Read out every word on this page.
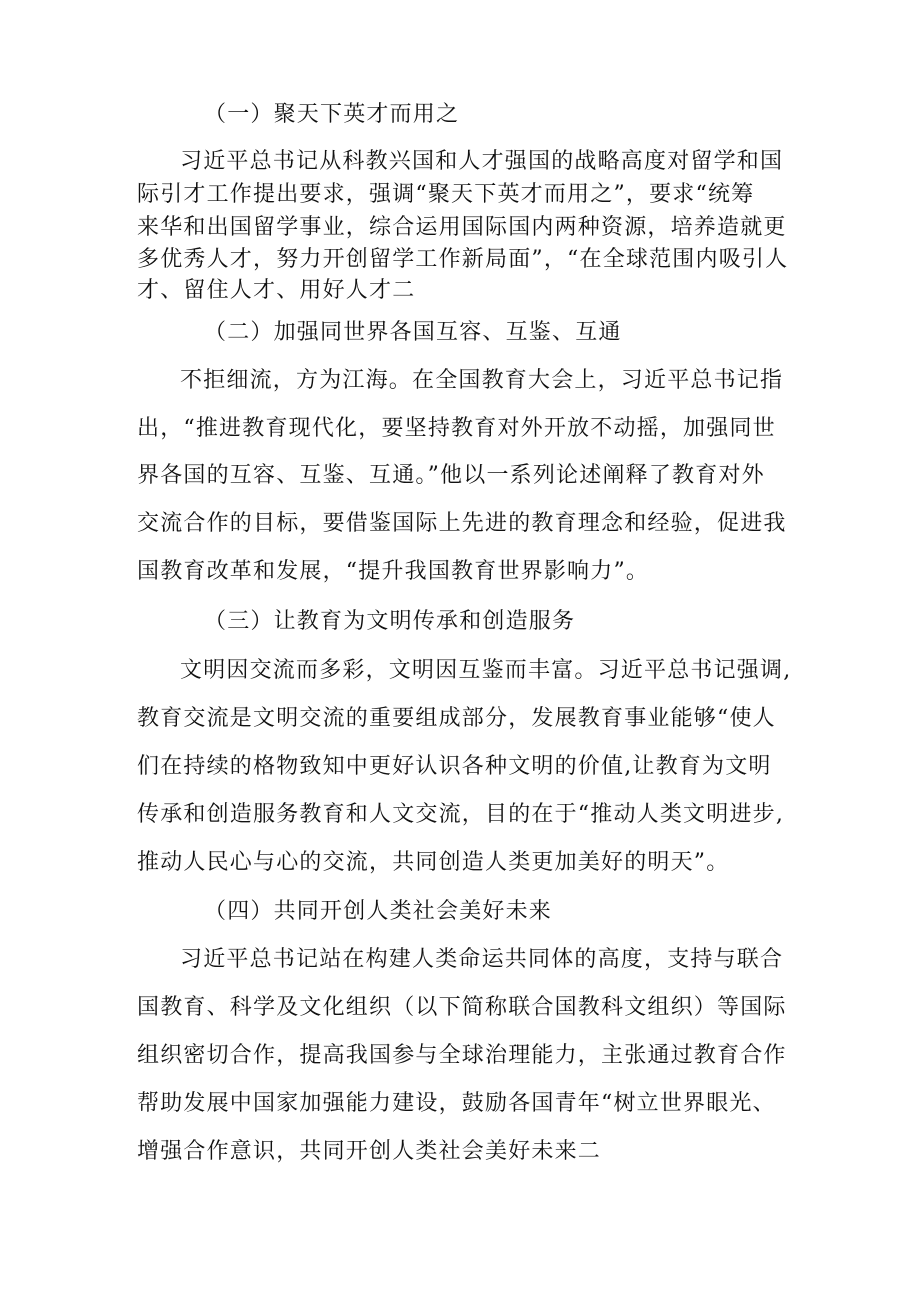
（一）聚天下英才而用之
习近平总书记从科教兴国和人才强国的战略高度对留学和国
际引才工作提出要求，强调“聚天下英才而用之”，要求“统筹
来华和出国留学事业，综合运用国际国内两种资源，培养造就更
多优秀人才，努力开创留学工作新局面”，“在全球范围内吸引人
才、留住人才、用好人才二
（二）加强同世界各国互容、互鉴、互通
不拒细流，方为江海。在全国教育大会上，习近平总书记指
出，“推进教育现代化，要坚持教育对外开放不动摇，加强同世
界各国的互容、互鉴、互通。”他以一系列论述阐释了教育对外
交流合作的目标，要借鉴国际上先进的教育理念和经验，促进我
国教育改革和发展，“提升我国教育世界影响力”。
（三）让教育为文明传承和创造服务
文明因交流而多彩，文明因互鉴而丰富。习近平总书记强调,
教育交流是文明交流的重要组成部分，发展教育事业能够“使人
们在持续的格物致知中更好认识各种文明的价值,让教育为文明
传承和创造服务教育和人文交流，目的在于“推动人类文明进步,
推动人民心与心的交流，共同创造人类更加美好的明天”。
（四）共同开创人类社会美好未来
习近平总书记站在构建人类命运共同体的高度，支持与联合
国教育、科学及文化组织（以下简称联合国教科文组织）等国际
组织密切合作，提高我国参与全球治理能力，主张通过教育合作
帮助发展中国家加强能力建设，鼓励各国青年“树立世界眼光、
增强合作意识，共同开创人类社会美好未来二
